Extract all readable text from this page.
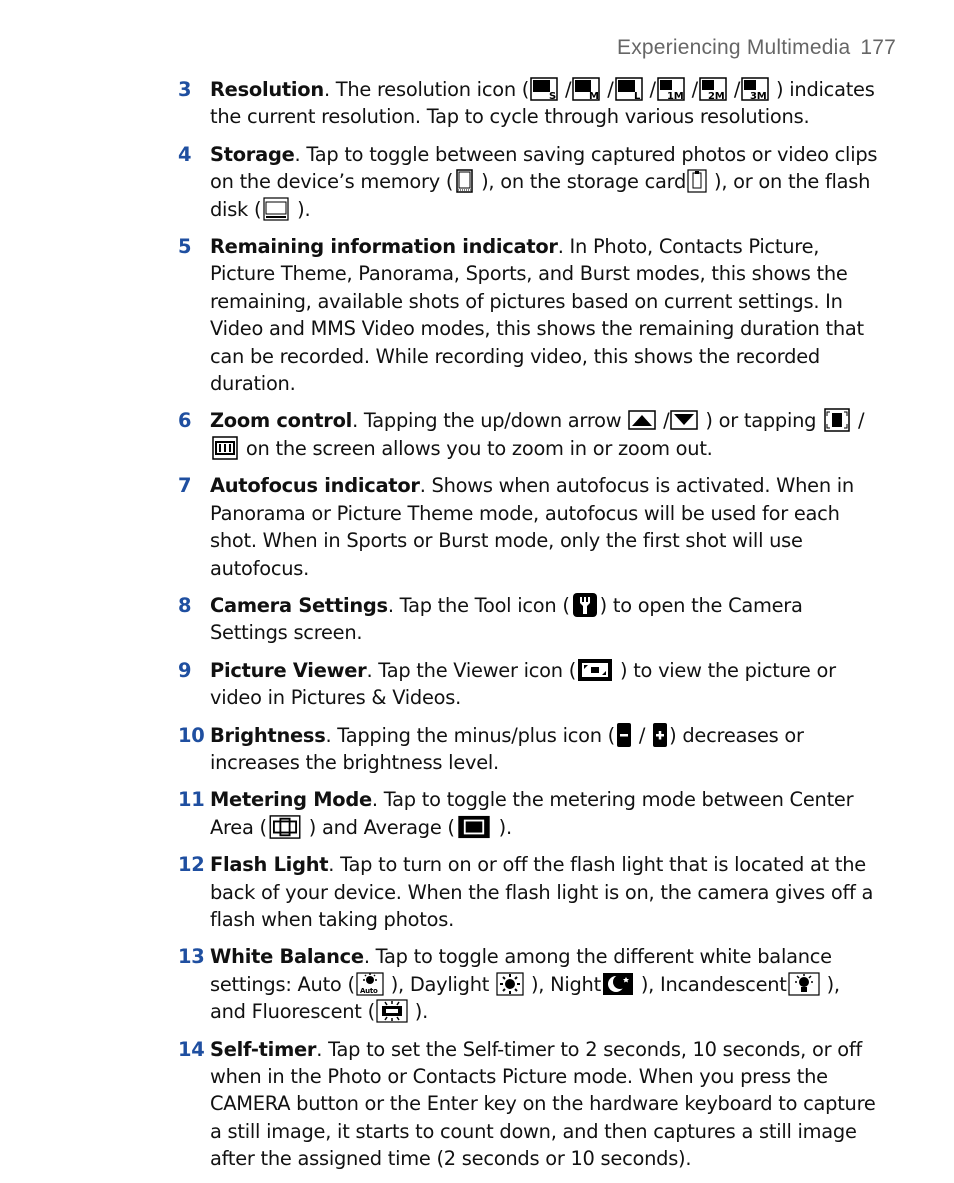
Experiencing Multimedia 177
3 Resolution. The resolution icon ( S / M / L / 1M / 2M / 3M ) indicates the current resolution. Tap to cycle through various resolutions.
4 Storage. Tap to toggle between saving captured photos or video clips on the device’s memory (
), on the storage card
), or on the flash disk (
).
5 Remaining information indicator. In Photo, Contacts Picture, Picture Theme, Panorama, Sports, and Burst modes, this shows the remaining, available shots of pictures based on current settings. In Video and MMS Video modes, this shows the remaining duration that can be recorded. While recording video, this shows the recorded duration.
6 Zoom control. Tapping the up/down arrow
/
) or tapping
/
on the screen allows you to zoom in or zoom out.
7 Autofocus indicator. Shows when autofocus is activated. When in Panorama or Picture Theme mode, autofocus will be used for each shot. When in Sports or Burst mode, only the first shot will use autofocus.
8 Camera Settings. Tap the Tool icon ( ) to open the Camera Settings screen.
9 Picture Viewer. Tap the Viewer icon (
) to view the picture or video in Pictures & Videos.
10 Brightness. Tapping the minus/plus icon (
/
) decreases or increases the brightness level.
11 Metering Mode. Tap to toggle the metering mode between Center Area (
) and Average (
).
12 Flash Light. Tap to turn on or off the flash light that is located at the back of your device. When the flash light is on, the camera gives off a flash when taking photos.
13 White Balance. Tap to toggle among the different white balance settings: Auto ( Auto ), Daylight
), Night
), Incandescent
), and Fluorescent (
).
14 Self-timer. Tap to set the Self-timer to 2 seconds, 10 seconds, or off when in the Photo or Contacts Picture mode. When you press the CAMERA button or the Enter key on the hardware keyboard to capture a still image, it starts to count down, and then captures a still image after the assigned time (2 seconds or 10 seconds).
